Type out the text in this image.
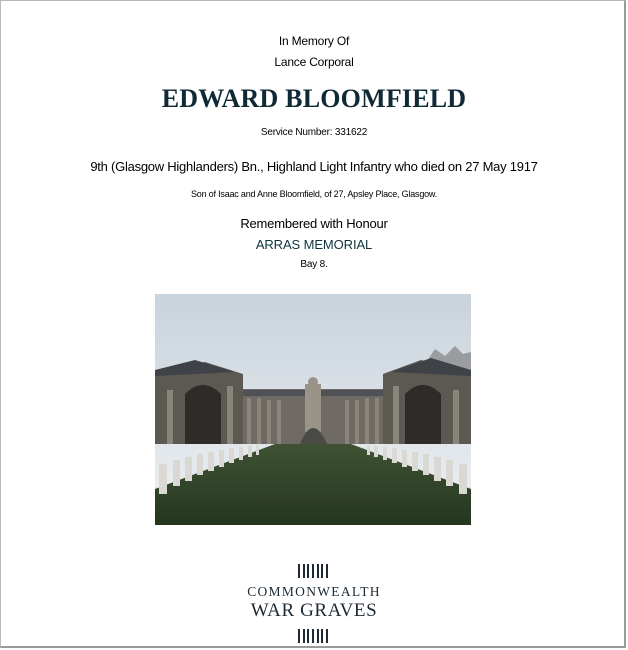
In Memory Of
Lance Corporal
EDWARD BLOOMFIELD
Service Number: 331622
9th (Glasgow Highlanders) Bn., Highland Light Infantry who died on 27 May 1917
Son of Isaac and Anne Bloomfield, of 27, Apsley Place, Glasgow.
Remembered with Honour
ARRAS MEMORIAL
Bay 8.
COMMONWEALTH
WAR GRAVES
